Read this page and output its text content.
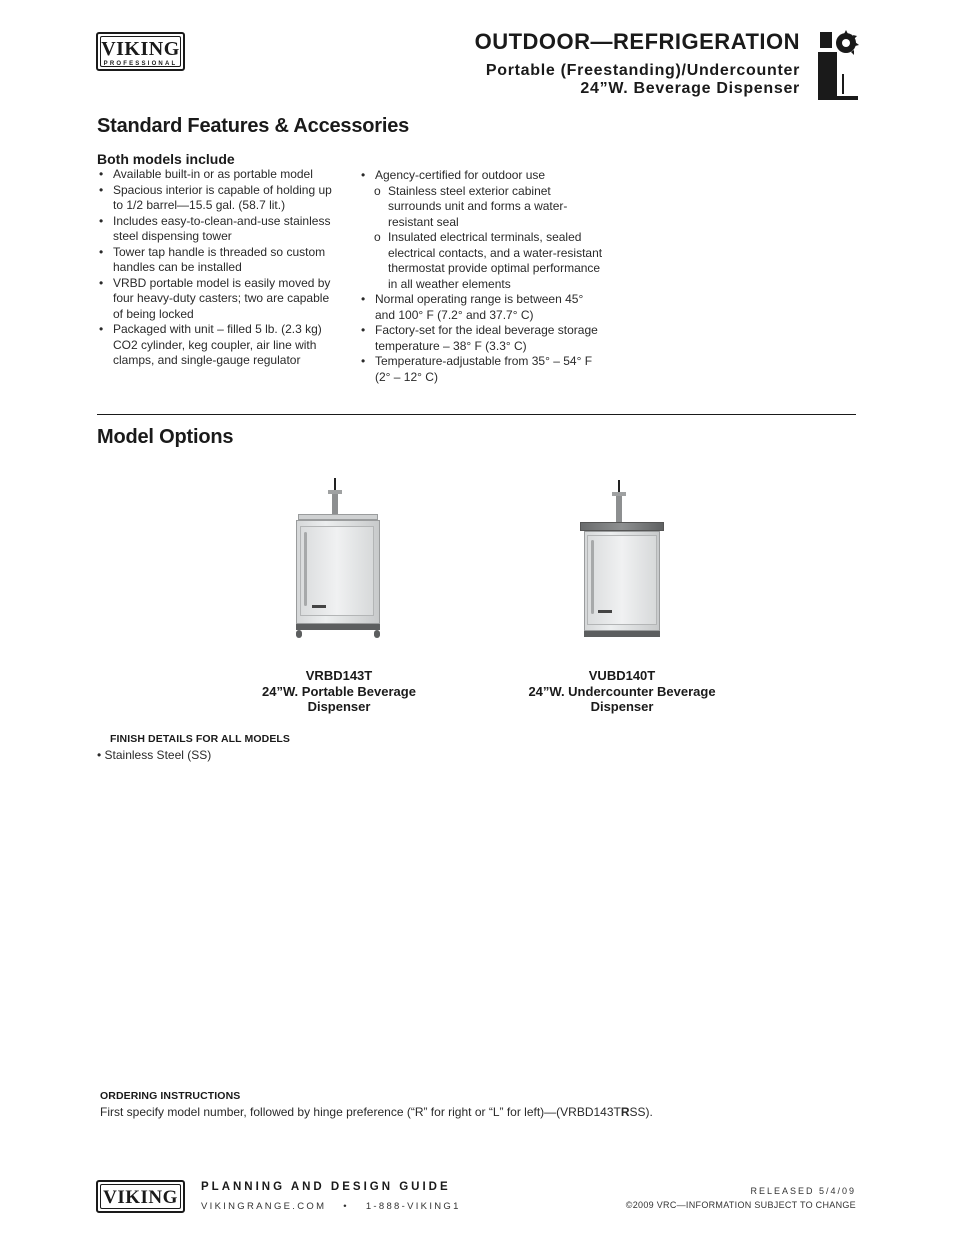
VIKING
PROFESSIONAL
OUTDOOR—REFRIGERATION
Portable (Freestanding)/Undercounter
24”W. Beverage Dispenser
Standard Features & Accessories
Both models include
• Available built-in or as portable model
• Spacious interior is capable of holding up to 1/2 barrel—15.5 gal. (58.7 lit.)
• Includes easy-to-clean-and-use stainless steel dispensing tower
• Tower tap handle is threaded so custom handles can be installed
• VRBD portable model is easily moved by four heavy-duty casters; two are capable of being locked
• Packaged with unit – filled 5 lb. (2.3 kg) CO2 cylinder, keg coupler, air line with clamps, and single-gauge regulator
• Agency-certified for outdoor use
o Stainless steel exterior cabinet surrounds unit and forms a water-resistant seal
o Insulated electrical terminals, sealed electrical contacts, and a water-resistant thermostat provide optimal performance in all weather elements
• Normal operating range is between 45° and 100° F (7.2° and 37.7° C)
• Factory-set for the ideal beverage storage temperature – 38° F (3.3° C)
• Temperature-adjustable from 35° – 54° F (2° – 12° C)
Model Options
VRBD143T
24”W. Portable Beverage
Dispenser
VUBD140T
24”W. Undercounter Beverage
Dispenser
FINISH DETAILS FOR ALL MODELS
• Stainless Steel (SS)
ORDERING INSTRUCTIONS
First specify model number, followed by hinge preference (“R” for right or “L” for left)—(VRBD143TRSS).
VIKING	PLANNING AND DESIGN GUIDE
VIKINGRANGE.COM • 1-888-VIKING1
RELEASED 5/4/09
©2009 VRC—INFORMATION SUBJECT TO CHANGE
